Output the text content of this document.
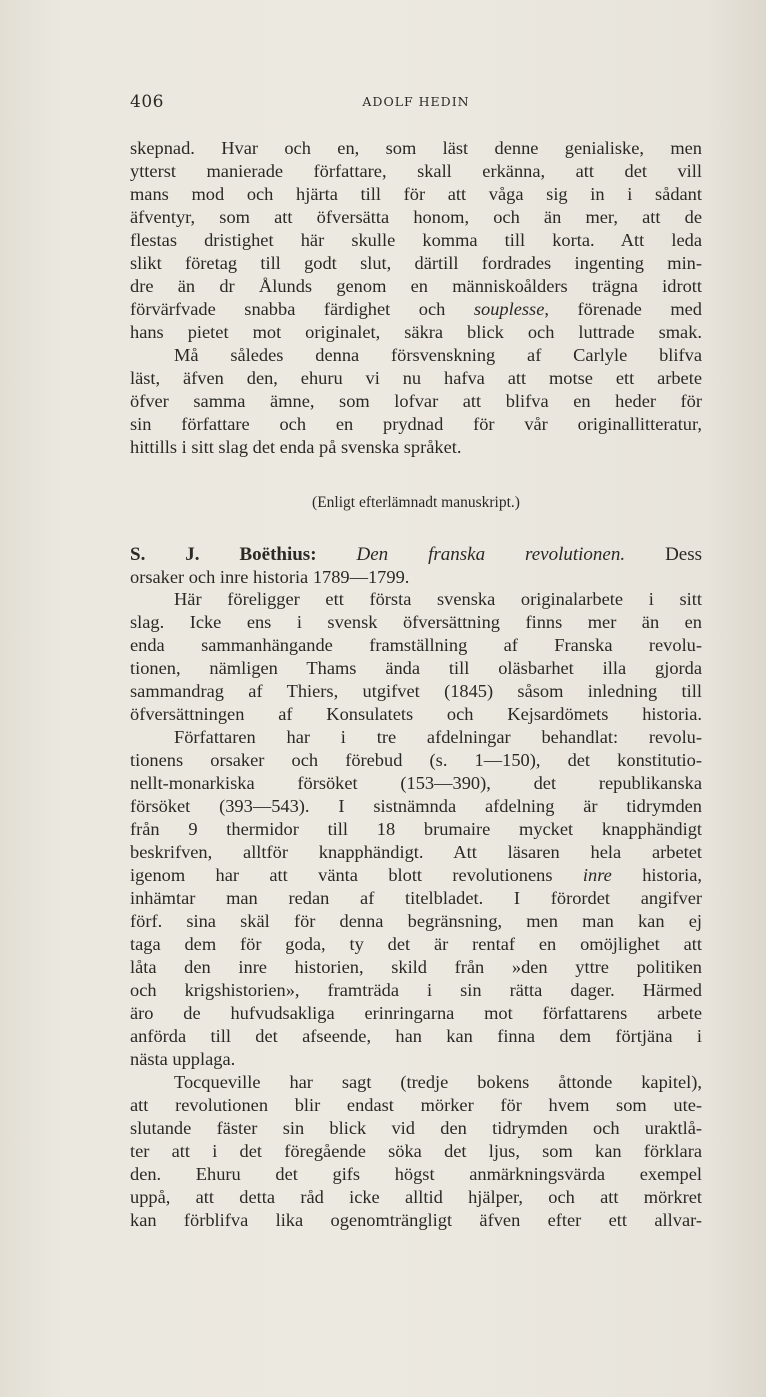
406	ADOLF HEDIN
skepnad. Hvar och en, som läst denne genialiske, men
ytterst manierade författare, skall erkänna, att det vill
mans mod och hjärta till för att våga sig in i sådant
äfventyr, som att öfversätta honom, och än mer, att de
flestas dristighet här skulle komma till korta. Att leda
slikt företag till godt slut, därtill fordrades ingenting min-
dre än dr Ålunds genom en människoålders trägna idrott
förvärfvade snabba färdighet och souplesse, förenade med
hans pietet mot originalet, säkra blick och luttrade smak.
Må således denna försvenskning af Carlyle blifva
läst, äfven den, ehuru vi nu hafva att motse ett arbete
öfver samma ämne, som lofvar att blifva en heder för
sin författare och en prydnad för vår originallitteratur,
hittills i sitt slag det enda på svenska språket.
(Enligt efterlämnadt manuskript.)
S. J. Boëthius: Den franska revolutionen. Dess
orsaker och inre historia 1789—1799.
Här föreligger ett första svenska originalarbete i sitt
slag. Icke ens i svensk öfversättning finns mer än en
enda sammanhängande framställning af Franska revolu-
tionen, nämligen Thams ända till oläsbarhet illa gjorda
sammandrag af Thiers, utgifvet (1845) såsom inledning till
öfversättningen af Konsulatets och Kejsardömets historia.
Författaren har i tre afdelningar behandlat: revolu-
tionens orsaker och förebud (s. 1—150), det konstitutio-
nellt-monarkiska försöket (153—390), det republikanska
försöket (393—543). I sistnämnda afdelning är tidrymden
från 9 thermidor till 18 brumaire mycket knapphändigt
beskrifven, alltför knapphändigt. Att läsaren hela arbetet
igenom har att vänta blott revolutionens inre historia,
inhämtar man redan af titelbladet. I förordet angifver
förf. sina skäl för denna begränsning, men man kan ej
taga dem för goda, ty det är rentaf en omöjlighet att
låta den inre historien, skild från »den yttre politiken
och krigshistorien», framträda i sin rätta dager. Härmed
äro de hufvudsakliga erinringarna mot författarens arbete
anförda till det afseende, han kan finna dem förtjäna i
nästa upplaga.
Tocqueville har sagt (tredje bokens åttonde kapitel),
att revolutionen blir endast mörker för hvem som ute-
slutande fäster sin blick vid den tidrymden och uraktlå-
ter att i det föregående söka det ljus, som kan förklara
den. Ehuru det gifs högst anmärkningsvärda exempel
uppå, att detta råd icke alltid hjälper, och att mörkret
kan förblifva lika ogenomträngligt äfven efter ett allvar-
